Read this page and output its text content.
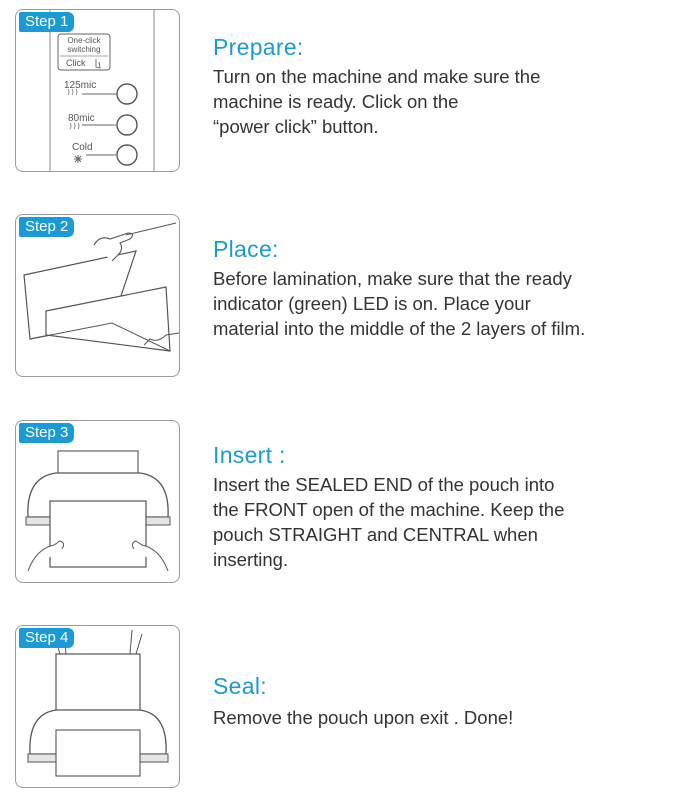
One-click
switching
Click
125mic
80mic
Cold
Step 1
Prepare:
Turn on the machine and make sure the
machine is ready. Click on the
“power click” button.
Step 2
Place:
Before lamination, make sure that the ready
indicator (green) LED is on. Place your
material into the middle of the 2 layers of film.
Step 3
Insert :
Insert the SEALED END of the pouch into
the FRONT open of the machine. Keep the
pouch STRAIGHT and CENTRAL when
inserting.
Step 4
Seal:
Remove the pouch upon exit . Done!
